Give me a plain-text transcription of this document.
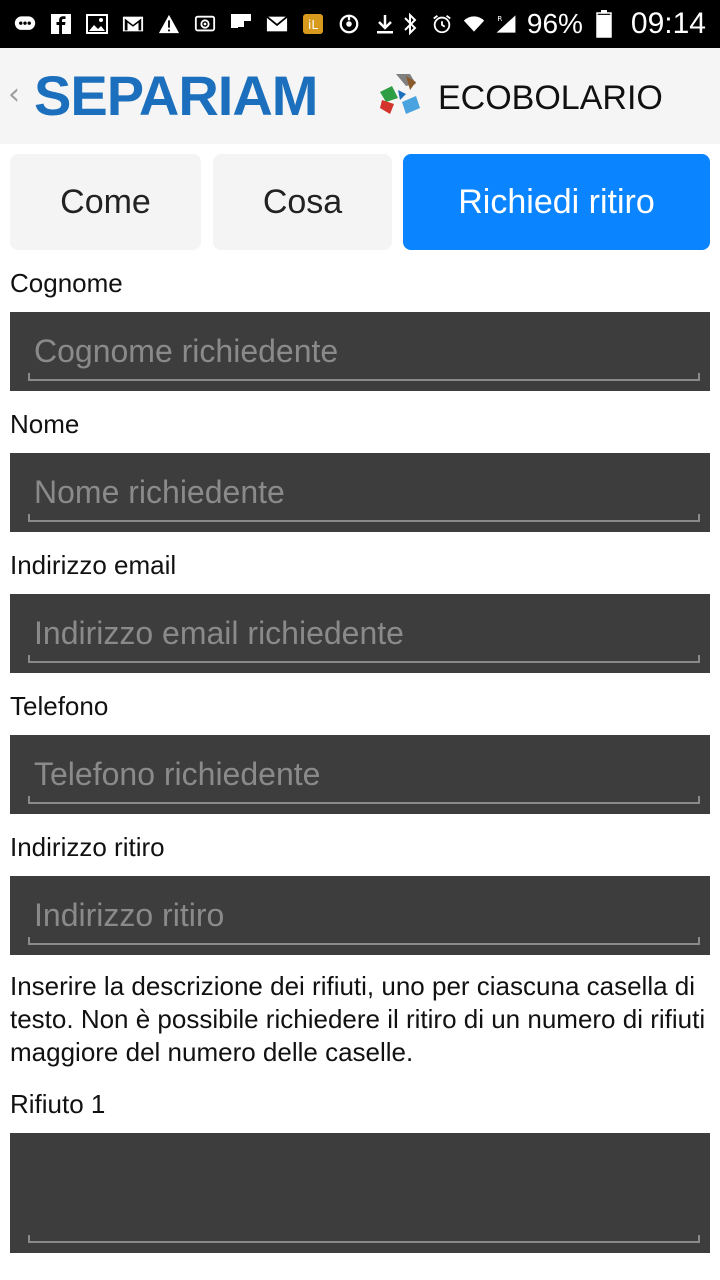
iL	R 96% 09:14
‹ SEPARIAM	ECOBOLARIO
Come	Cosa	Richiedi ritiro
Cognome
Cognome richiedente
Nome
Nome richiedente
Indirizzo email
Indirizzo email richiedente
Telefono
Telefono richiedente
Indirizzo ritiro
Indirizzo ritiro
Inserire la descrizione dei rifiuti, uno per ciascuna casella di testo. Non è possibile richiedere il ritiro di un numero di rifiuti maggiore del numero delle caselle.
Rifiuto 1
